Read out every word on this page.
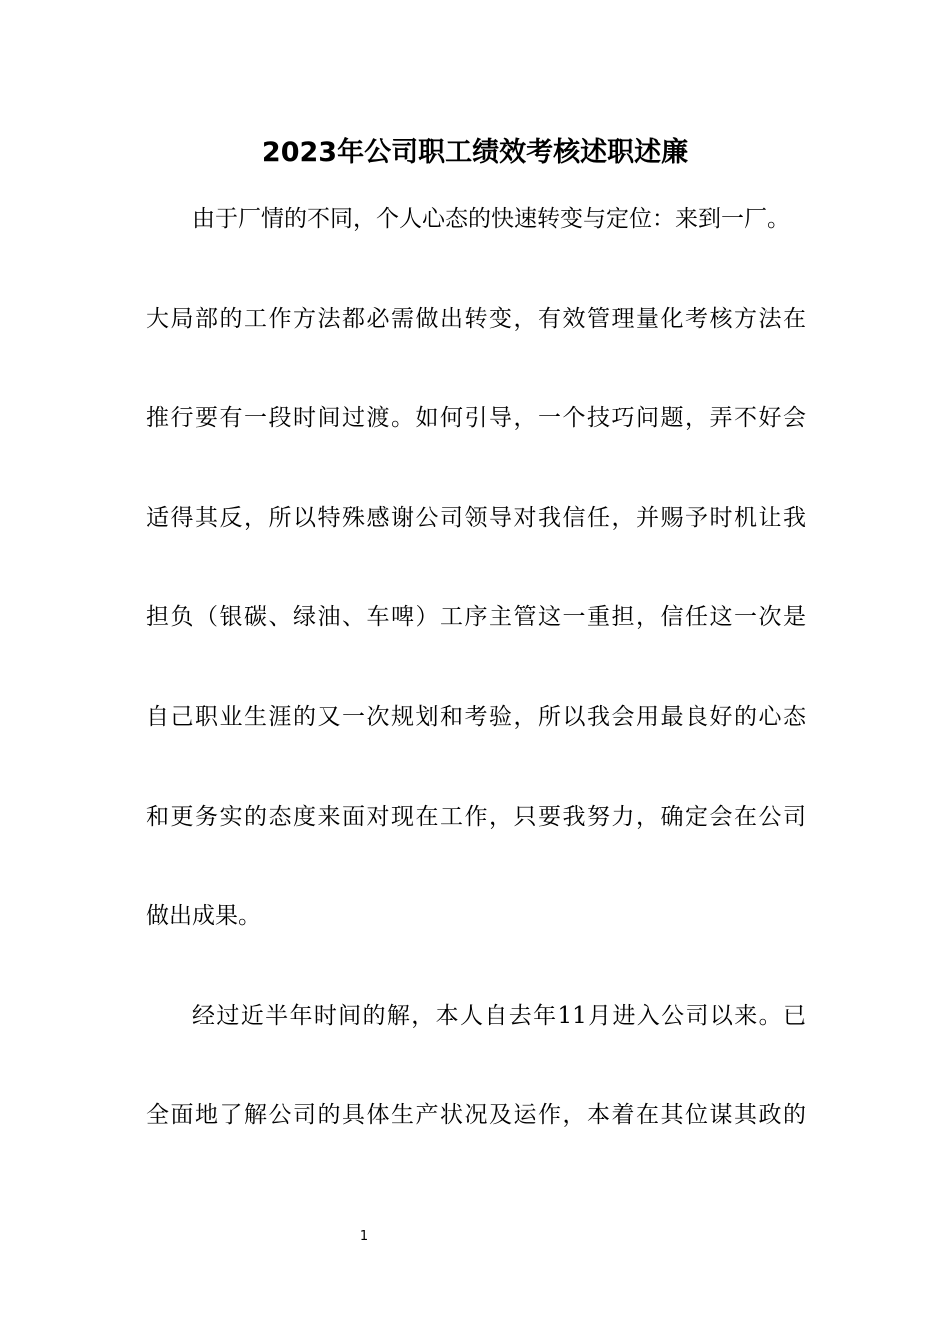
2023年公司职工绩效考核述职述廉
由于厂情的不同，个人心态的快速转变与定位：来到一厂。
大局部的工作方法都必需做出转变，有效管理量化考核方法在
推行要有一段时间过渡。如何引导，一个技巧问题，弄不好会
适得其反，所以特殊感谢公司领导对我信任，并赐予时机让我
担负（银碳、绿油、车啤）工序主管这一重担，信任这一次是
自己职业生涯的又一次规划和考验，所以我会用最良好的心态
和更务实的态度来面对现在工作，只要我努力，确定会在公司
做出成果。
经过近半年时间的解，本人自去年11月进入公司以来。已
全面地了解公司的具体生产状况及运作，本着在其位谋其政的
1
